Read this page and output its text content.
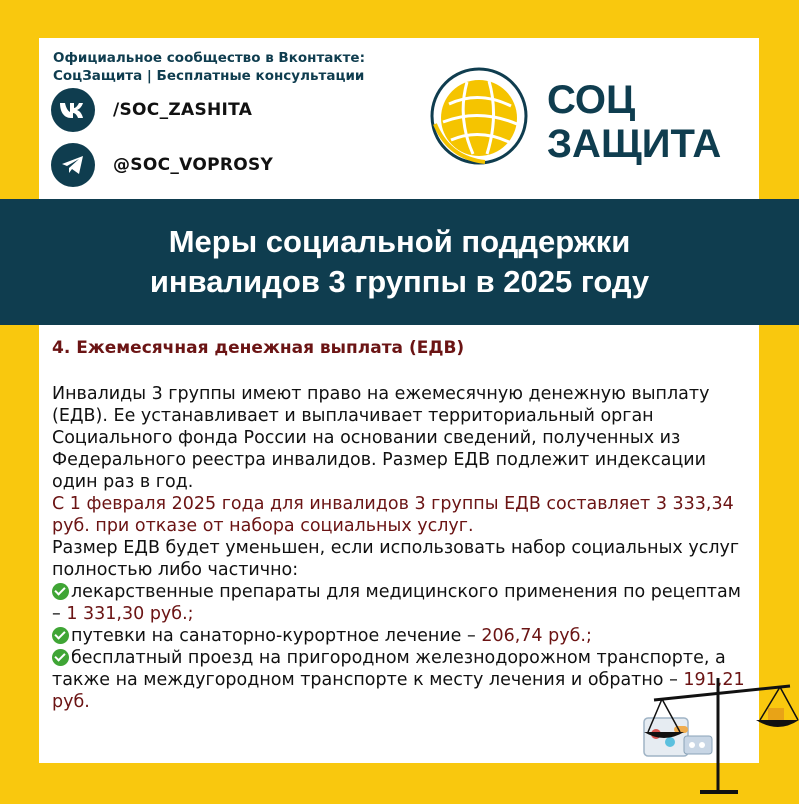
Официальное сообщество в Вконтакте:
СоцЗащита | Бесплатные консультации
/SOC_ZASHITA
@SOC_VOPROSY
СОЦ
ЗАЩИТА
Меры социальной поддержки
инвалидов 3 группы в 2025 году

4. Ежемесячная денежная выплата (ЕДВ)

Инвалиды 3 группы имеют право на ежемесячную денежную выплату (ЕДВ). Ее устанавливает и выплачивает территориальный орган Социального фонда России на основании сведений, полученных из Федерального реестра инвалидов. Размер ЕДВ подлежит индексации один раз в год.

С 1 февраля 2025 года для инвалидов 3 группы ЕДВ составляет 3 333,34 руб. при отказе от набора социальных услуг.

Размер ЕДВ будет уменьшен, если использовать набор социальных услуг полностью либо частично:

лекарственные препараты для медицинского применения по рецептам – 1 331,30 руб.;
путевки на санаторно-курортное лечение – 206,74 руб.;
бесплатный проезд на пригородном железнодорожном транспорте, а также на междугородном транспорте к месту лечения и обратно – 191,21 руб.
